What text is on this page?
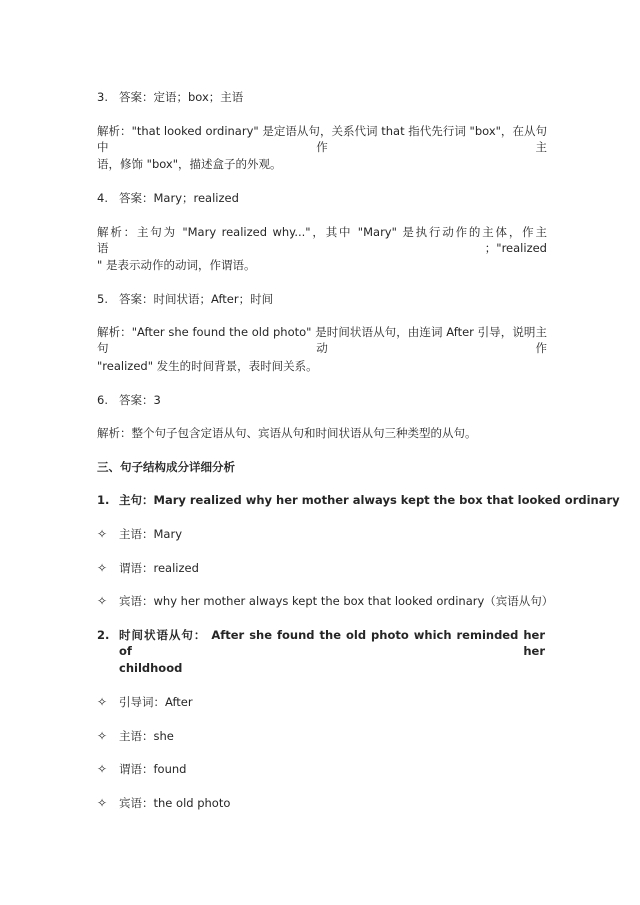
3. 答案：定语；box；主语
解析："that looked ordinary" 是定语从句，关系代词 that 指代先行词 "box"，在从句中作主
语，修饰 "box"，描述盒子的外观。
4. 答案：Mary；realized
解析：主句为 "Mary realized why..."，其中 "Mary" 是执行动作的主体，作主语；"realized
" 是表示动作的动词，作谓语。
5. 答案：时间状语；After；时间
解析："After she found the old photo" 是时间状语从句，由连词 After 引导，说明主句动作
"realized" 发生的时间背景，表时间关系。
6. 答案：3
解析：整个句子包含定语从句、宾语从句和时间状语从句三种类型的从句。
三、句子结构成分详细分析
1. 主句：Mary realized why her mother always kept the box that looked ordinary
✧ 主语：Mary
✧ 谓语：realized
✧ 宾语：why her mother always kept the box that looked ordinary（宾语从句）
2. 时间状语从句： After she found the old photo which reminded her of her
childhood
✧ 引导词：After
✧ 主语：she
✧ 谓语：found
✧ 宾语：the old photo
